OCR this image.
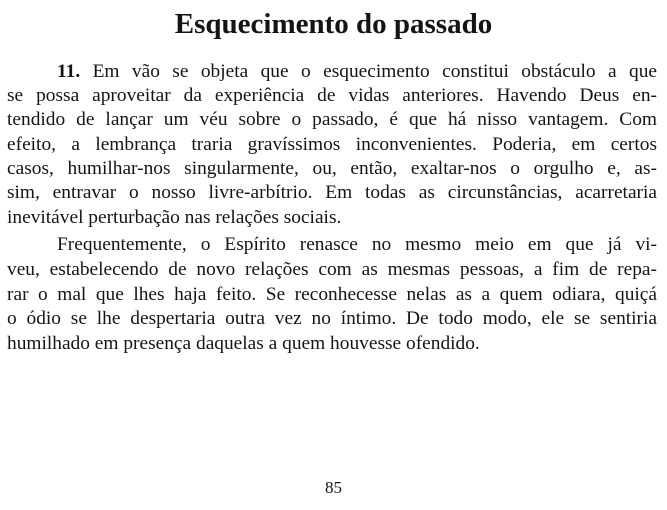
Esquecimento do passado
11. Em vão se objeta que o esquecimento constitui obstáculo a que
se possa aproveitar da experiência de vidas anteriores. Havendo Deus en-
tendido de lançar um véu sobre o passado, é que há nisso vantagem. Com
efeito, a lembrança traria gravíssimos inconvenientes. Poderia, em certos
casos, humilhar-nos singularmente, ou, então, exaltar-nos o orgulho e, as-
sim, entravar o nosso livre-arbítrio. Em todas as circunstâncias, acarretaria
inevitável perturbação nas relações sociais.
Frequentemente, o Espírito renasce no mesmo meio em que já vi-
veu, estabelecendo de novo relações com as mesmas pessoas, a fim de repa-
rar o mal que lhes haja feito. Se reconhecesse nelas as a quem odiara, quiçá
o ódio se lhe despertaria outra vez no íntimo. De todo modo, ele se sentiria
humilhado em presença daquelas a quem houvesse ofendido.
85
